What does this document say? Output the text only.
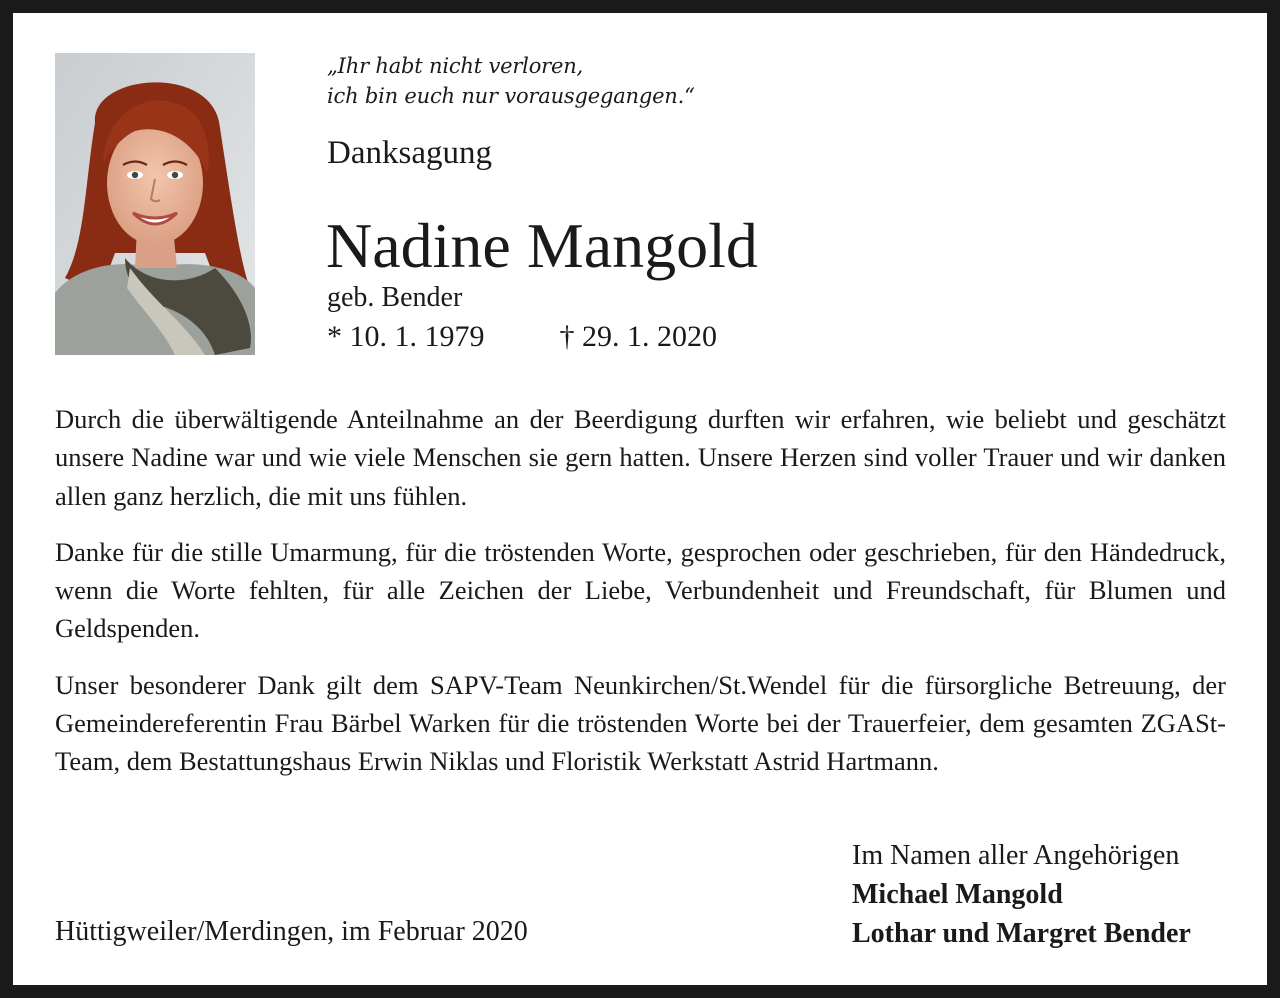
„Ihr habt nicht verloren,
ich bin euch nur vorausgegangen.“
Danksagung
Nadine Mangold
geb. Bender
* 10. 1. 1979	† 29. 1. 2020

Durch die überwältigende Anteilnahme an der Beerdigung durften wir erfahren, wie beliebt und geschätzt unsere Nadine war und wie viele Menschen sie gern hatten. Unsere Herzen sind voller Trauer und wir danken allen ganz herzlich, die mit uns fühlen.

Danke für die stille Umarmung, für die tröstenden Worte, gesprochen oder geschrieben, für den Händedruck, wenn die Worte fehlten, für alle Zeichen der Liebe, Verbundenheit und Freundschaft, für Blumen und Geldspenden.

Unser besonderer Dank gilt dem SAPV-Team Neunkirchen/St.Wendel für die fürsorgliche Betreuung, der Gemeindereferentin Frau Bärbel Warken für die tröstenden Worte bei der Trauerfeier, dem gesamten ZGASt-Team, dem Bestattungshaus Erwin Niklas und Floristik Werkstatt Astrid Hartmann.

Hüttigweiler/Merdingen, im Februar 2020
Im Namen aller Angehörigen
Michael Mangold
Lothar und Margret Bender
